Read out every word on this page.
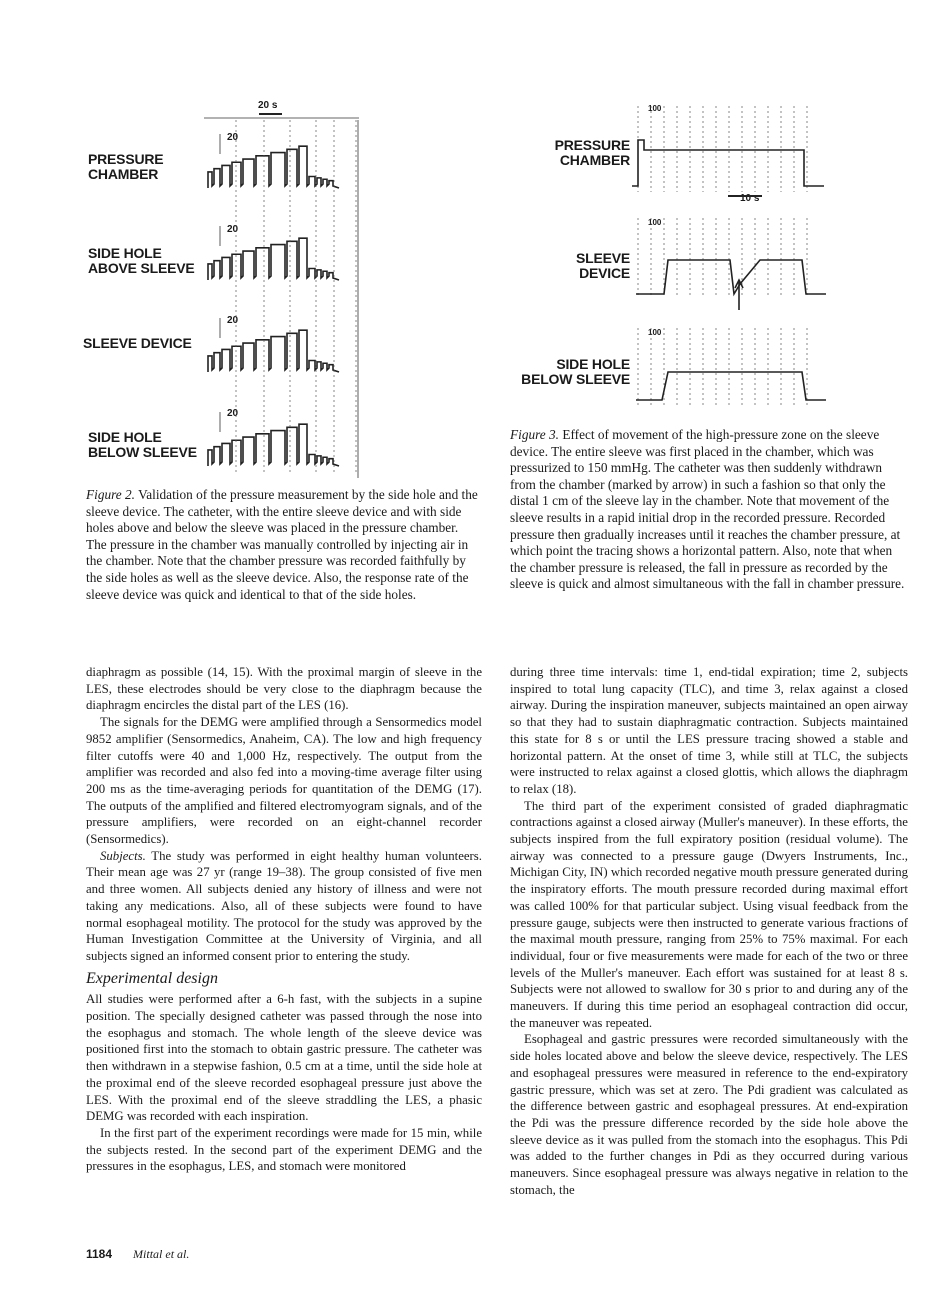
20 s
PRESSURE
CHAMBER
SIDE HOLE
ABOVE SLEEVE
SLEEVE DEVICE
SIDE HOLE
BELOW SLEEVE
20
20
20
20
Figure 2. Validation of the pressure measurement by the side hole and the sleeve device. The catheter, with the entire sleeve device and with side holes above and below the sleeve was placed in the pressure chamber. The pressure in the chamber was manually controlled by injecting air in the chamber. Note that the chamber pressure was recorded faithfully by the side holes as well as the sleeve device. Also, the response rate of the sleeve device was quick and identical to that of the side holes.
PRESSURE
CHAMBER
SLEEVE
DEVICE
SIDE HOLE
BELOW SLEEVE
10 s
100
100
100
Figure 3. Effect of movement of the high-pressure zone on the sleeve device. The entire sleeve was first placed in the chamber, which was pressurized to 150 mmHg. The catheter was then suddenly withdrawn from the chamber (marked by arrow) in such a fashion so that only the distal 1 cm of the sleeve lay in the chamber. Note that movement of the sleeve results in a rapid initial drop in the recorded pressure. Recorded pressure then gradually increases until it reaches the chamber pressure, at which point the tracing shows a horizontal pattern. Also, note that when the chamber pressure is released, the fall in pressure as recorded by the sleeve is quick and almost simultaneous with the fall in chamber pressure.

diaphragm as possible (14, 15). With the proximal margin of sleeve in the LES, these electrodes should be very close to the diaphragm because the diaphragm encircles the distal part of the LES (16).

The signals for the DEMG were amplified through a Sensormedics model 9852 amplifier (Sensormedics, Anaheim, CA). The low and high frequency filter cutoffs were 40 and 1,000 Hz, respectively. The output from the amplifier was recorded and also fed into a moving-time average filter using 200 ms as the time-averaging periods for quantitation of the DEMG (17). The outputs of the amplified and filtered electromyogram signals, and of the pressure amplifiers, were recorded on an eight-channel recorder (Sensormedics).

Subjects. The study was performed in eight healthy human volunteers. Their mean age was 27 yr (range 19–38). The group consisted of five men and three women. All subjects denied any history of illness and were not taking any medications. Also, all of these subjects were found to have normal esophageal motility. The protocol for the study was approved by the Human Investigation Committee at the University of Virginia, and all subjects signed an informed consent prior to entering the study.

Experimental design

All studies were performed after a 6-h fast, with the subjects in a supine position. The specially designed catheter was passed through the nose into the esophagus and stomach. The whole length of the sleeve device was positioned first into the stomach to obtain gastric pressure. The catheter was then withdrawn in a stepwise fashion, 0.5 cm at a time, until the side hole at the proximal end of the sleeve recorded esophageal pressure just above the LES. With the proximal end of the sleeve straddling the LES, a phasic DEMG was recorded with each inspiration.

In the first part of the experiment recordings were made for 15 min, while the subjects rested. In the second part of the experiment DEMG and the pressures in the esophagus, LES, and stomach were monitored

during three time intervals: time 1, end-tidal expiration; time 2, subjects inspired to total lung capacity (TLC), and time 3, relax against a closed airway. During the inspiration maneuver, subjects maintained an open airway so that they had to sustain diaphragmatic contraction. Subjects maintained this state for 8 s or until the LES pressure tracing showed a stable and horizontal pattern. At the onset of time 3, while still at TLC, the subjects were instructed to relax against a closed glottis, which allows the diaphragm to relax (18).

The third part of the experiment consisted of graded diaphragmatic contractions against a closed airway (Muller's maneuver). In these efforts, the subjects inspired from the full expiratory position (residual volume). The airway was connected to a pressure gauge (Dwyers Instruments, Inc., Michigan City, IN) which recorded negative mouth pressure generated during the inspiratory efforts. The mouth pressure recorded during maximal effort was called 100% for that particular subject. Using visual feedback from the pressure gauge, subjects were then instructed to generate various fractions of the maximal mouth pressure, ranging from 25% to 75% maximal. For each individual, four or five measurements were made for each of the two or three levels of the Muller's maneuver. Each effort was sustained for at least 8 s. Subjects were not allowed to swallow for 30 s prior to and during any of the maneuvers. If during this time period an esophageal contraction did occur, the maneuver was repeated.

Esophageal and gastric pressures were recorded simultaneously with the side holes located above and below the sleeve device, respectively. The LES and esophageal pressures were measured in reference to the end-expiratory gastric pressure, which was set at zero. The Pdi gradient was calculated as the difference between gastric and esophageal pressures. At end-expiration the Pdi was the pressure difference recorded by the side hole above the sleeve device as it was pulled from the stomach into the esophagus. This Pdi was added to the further changes in Pdi as they occurred during various maneuvers. Since esophageal pressure was always negative in relation to the stomach, the

1184 Mittal et al.
